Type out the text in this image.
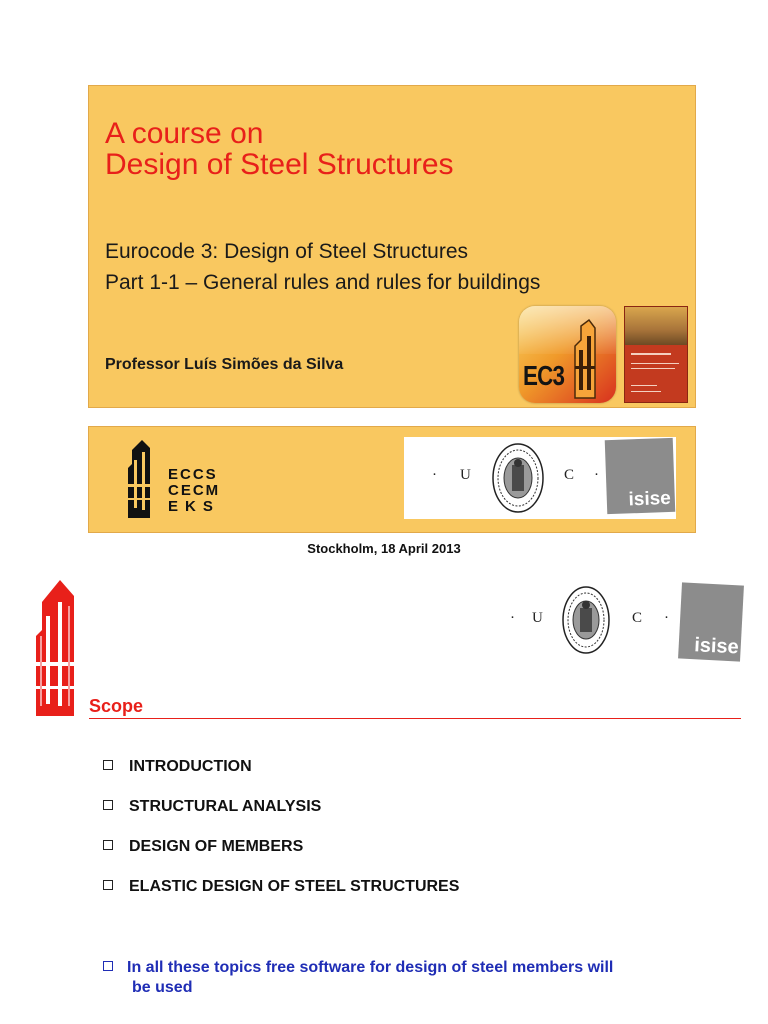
A course on
Design of Steel Structures
Eurocode 3: Design of Steel Structures
Part 1-1 – General rules and rules for buildings
Professor Luís Simões da Silva	EC3
ECCS
CECM
EKS
· U	C ·
isise
Stockholm, 18 April 2013
· U	C ·
isise
Scope
INTRODUCTION
STRUCTURAL ANALYSIS
DESIGN OF MEMBERS
ELASTIC DESIGN OF STEEL STRUCTURES
In all these topics free software for design of steel members will
be used
